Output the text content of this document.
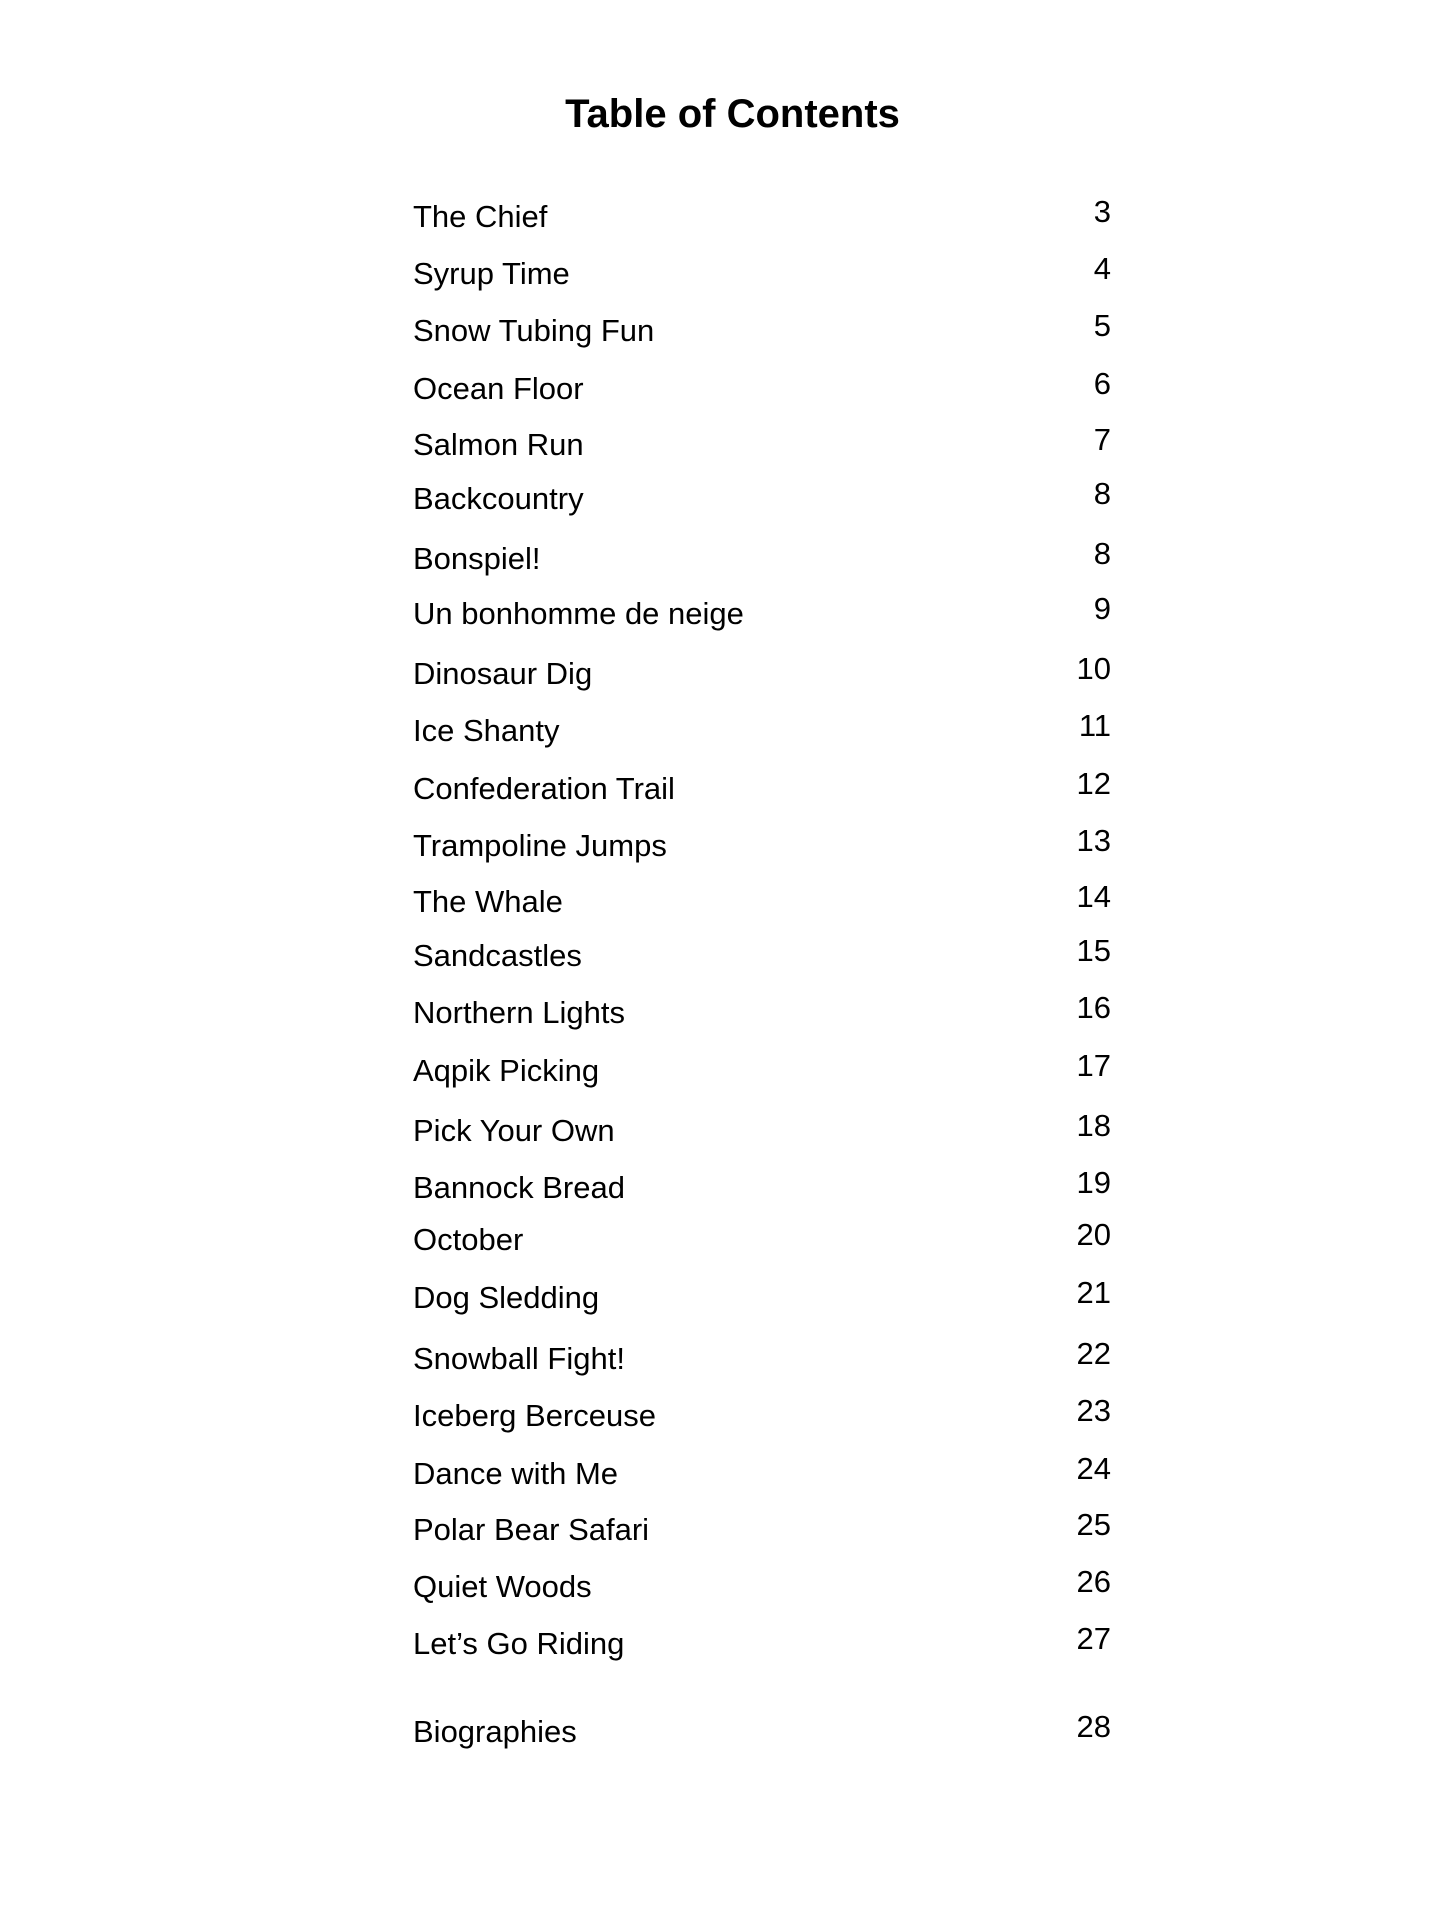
Table of Contents
The Chief	3
Syrup Time	4
Snow Tubing Fun	5
Ocean Floor	6
Salmon Run	7
Backcountry	8
Bonspiel!	8
Un bonhomme de neige	9
Dinosaur Dig	10
Ice Shanty	11
Confederation Trail	12
Trampoline Jumps	13
The Whale	14
Sandcastles	15
Northern Lights	16
Aqpik Picking	17
Pick Your Own	18
Bannock Bread	19
October	20
Dog Sledding	21
Snowball Fight!	22
Iceberg Berceuse	23
Dance with Me	24
Polar Bear Safari	25
Quiet Woods	26
Let’s Go Riding	27
Biographies	28
